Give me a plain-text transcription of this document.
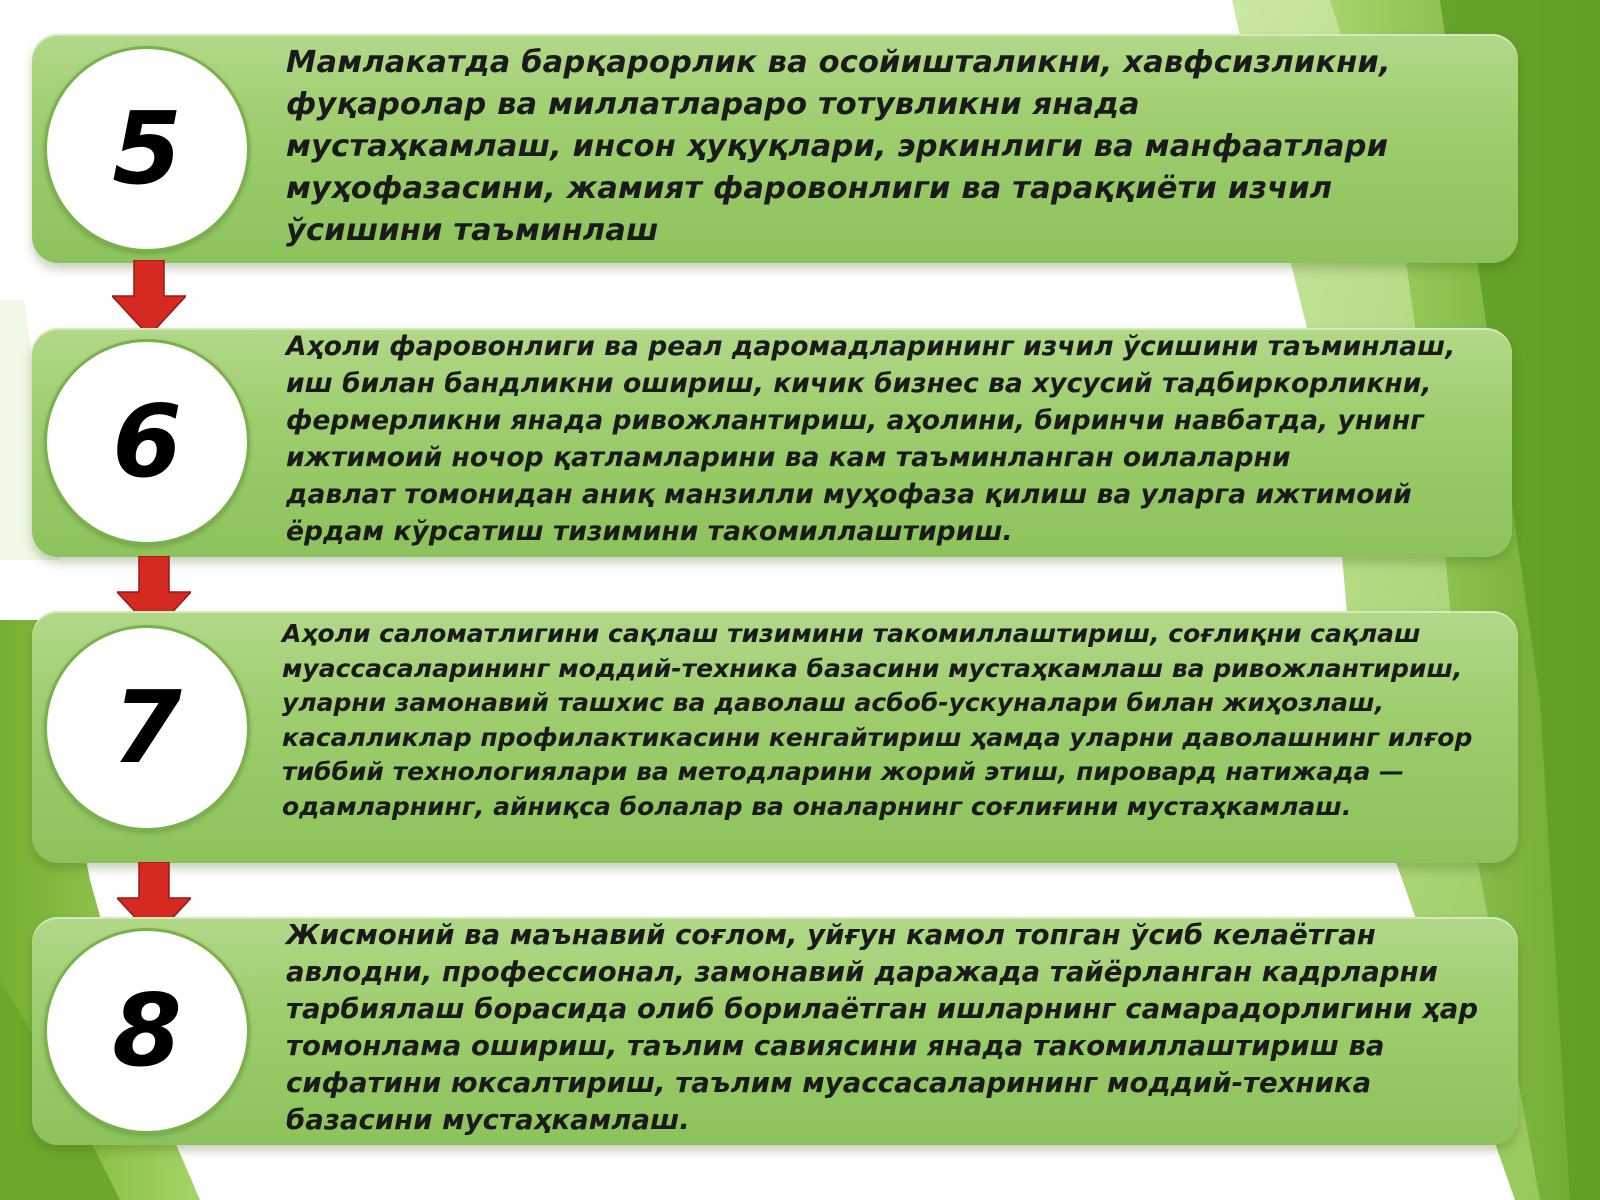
5

Мамлакатда барқарорлик ва осойишталикни, хавфсизликни,
фуқаролар ва миллатлараро тотувликни янада
мустаҳкамлаш, инсон ҳуқуқлари, эркинлиги ва манфаатлари
муҳофазасини, жамият фаровонлиги ва тараққиёти изчил
ўсишини таъминлаш

6

Аҳоли фаровонлиги ва реал даромадларининг изчил ўсишини таъминлаш,
иш билан бандликни ошириш, кичик бизнес ва хусусий тадбиркорликни,
фермерликни янада ривожлантириш, аҳолини, биринчи навбатда, унинг
ижтимоий ночор қатламларини ва кам таъминланган оилаларни
давлат томонидан аниқ манзилли муҳофаза қилиш ва уларга ижтимоий
ёрдам кўрсатиш тизимини такомиллаштириш.

7

Аҳоли саломатлигини сақлаш тизимини такомиллаштириш, соғлиқни сақлаш
муассасаларининг моддий-техника базасини мустаҳкамлаш ва ривожлантириш,
уларни замонавий ташхис ва даволаш асбоб-ускуналари билан жиҳозлаш,
касалликлар профилактикасини кенгайтириш ҳамда уларни даволашнинг илғор
тиббий технологиялари ва методларини жорий этиш, пировард натижада —
одамларнинг, айниқса болалар ва оналарнинг соғлиғини мустаҳкамлаш.

8

Жисмоний ва маънавий соғлом, уйғун камол топган ўсиб келаётган
авлодни, профессионал, замонавий даражада тайёрланган кадрларни
тарбиялаш борасида олиб борилаётган ишларнинг самарадорлигини ҳар
томонлама ошириш, таълим савиясини янада такомиллаштириш ва
сифатини юксалтириш, таълим муассасаларининг моддий-техника
базасини мустаҳкамлаш.
